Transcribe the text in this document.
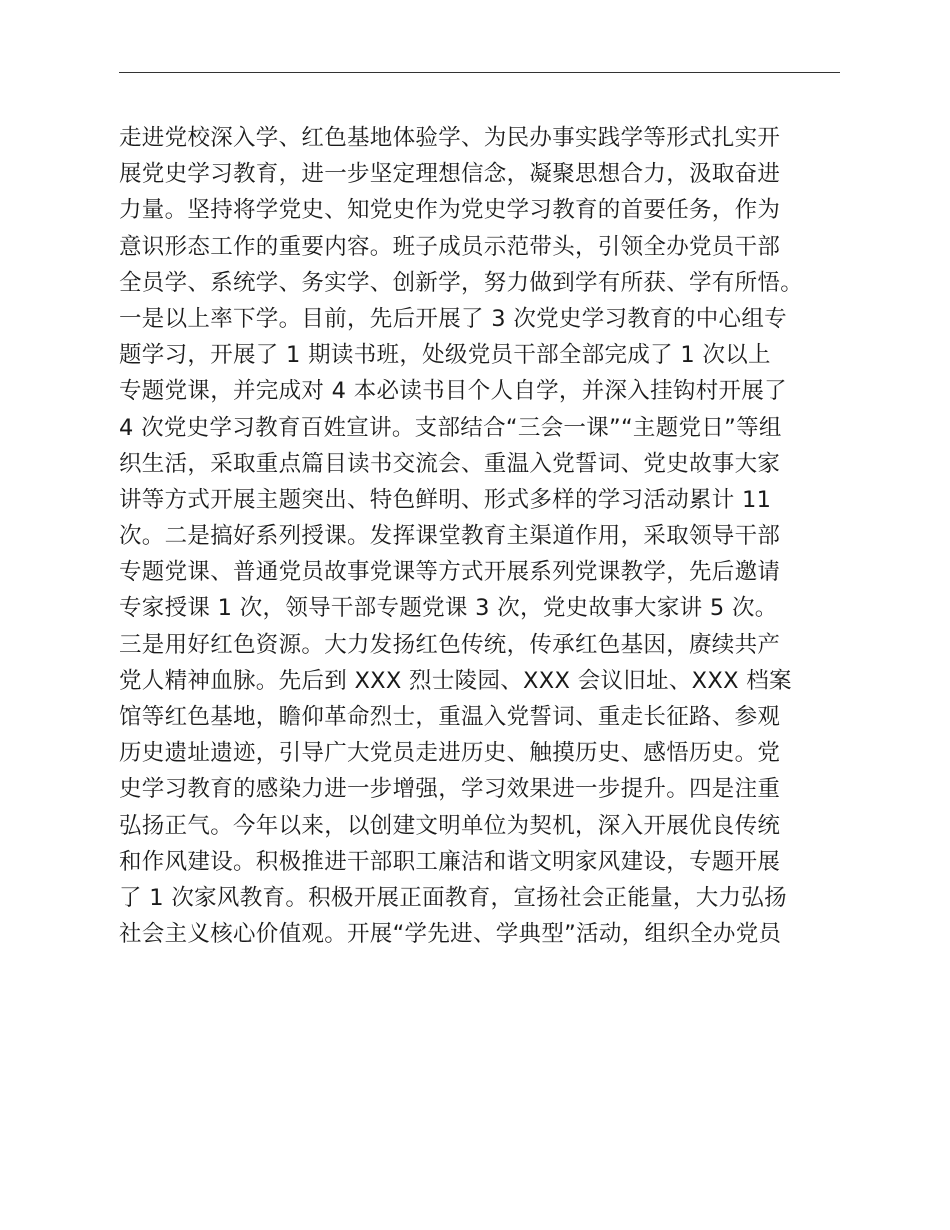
走进党校深入学、红色基地体验学、为民办事实践学等形式扎实开
展党史学习教育，进一步坚定理想信念，凝聚思想合力，汲取奋进
力量。坚持将学党史、知党史作为党史学习教育的首要任务，作为
意识形态工作的重要内容。班子成员示范带头，引领全办党员干部
全员学、系统学、务实学、创新学，努力做到学有所获、学有所悟。
一是以上率下学。目前，先后开展了 3 次党史学习教育的中心组专
题学习，开展了 1 期读书班，处级党员干部全部完成了 1 次以上
专题党课，并完成对 4 本必读书目个人自学，并深入挂钩村开展了
4 次党史学习教育百姓宣讲。支部结合“三会一课”“主题党日”等组
织生活，采取重点篇目读书交流会、重温入党誓词、党史故事大家
讲等方式开展主题突出、特色鲜明、形式多样的学习活动累计 11
次。二是搞好系列授课。发挥课堂教育主渠道作用，采取领导干部
专题党课、普通党员故事党课等方式开展系列党课教学，先后邀请
专家授课 1 次，领导干部专题党课 3 次，党史故事大家讲 5 次。
三是用好红色资源。大力发扬红色传统，传承红色基因，赓续共产
党人精神血脉。先后到 XXX 烈士陵园、XXX 会议旧址、XXX 档案
馆等红色基地，瞻仰革命烈士，重温入党誓词、重走长征路、参观
历史遗址遗迹，引导广大党员走进历史、触摸历史、感悟历史。党
史学习教育的感染力进一步增强，学习效果进一步提升。四是注重
弘扬正气。今年以来，以创建文明单位为契机，深入开展优良传统
和作风建设。积极推进干部职工廉洁和谐文明家风建设，专题开展
了 1 次家风教育。积极开展正面教育，宣扬社会正能量，大力弘扬
社会主义核心价值观。开展“学先进、学典型”活动，组织全办党员
